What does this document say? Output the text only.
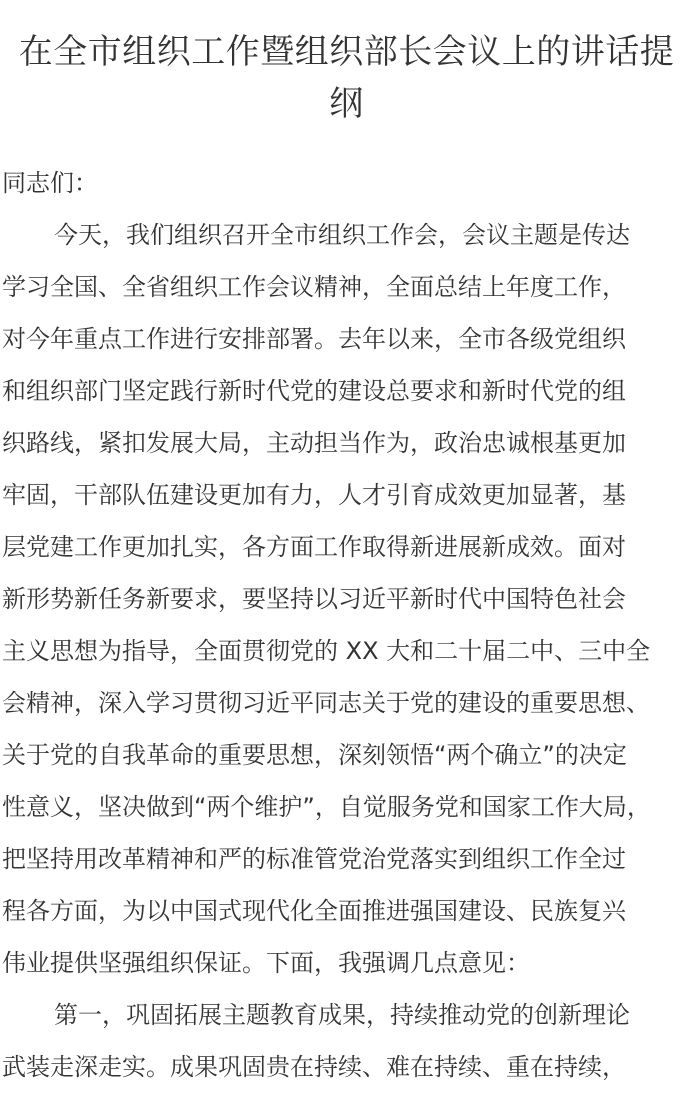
在全市组织工作暨组织部长会议上的讲话提
纲
同志们：
今天，我们组织召开全市组织工作会，会议主题是传达
学习全国、全省组织工作会议精神，全面总结上年度工作，
对今年重点工作进行安排部署。去年以来，全市各级党组织
和组织部门坚定践行新时代党的建设总要求和新时代党的组
织路线，紧扣发展大局，主动担当作为，政治忠诚根基更加
牢固，干部队伍建设更加有力，人才引育成效更加显著，基
层党建工作更加扎实，各方面工作取得新进展新成效。面对
新形势新任务新要求，要坚持以习近平新时代中国特色社会
主义思想为指导，全面贯彻党的 XX 大和二十届二中、三中全
会精神，深入学习贯彻习近平同志关于党的建设的重要思想、
关于党的自我革命的重要思想，深刻领悟“两个确立”的决定
性意义，坚决做到“两个维护”，自觉服务党和国家工作大局，
把坚持用改革精神和严的标准管党治党落实到组织工作全过
程各方面，为以中国式现代化全面推进强国建设、民族复兴
伟业提供坚强组织保证。下面，我强调几点意见：
第一，巩固拓展主题教育成果，持续推动党的创新理论
武装走深走实。成果巩固贵在持续、难在持续、重在持续，
